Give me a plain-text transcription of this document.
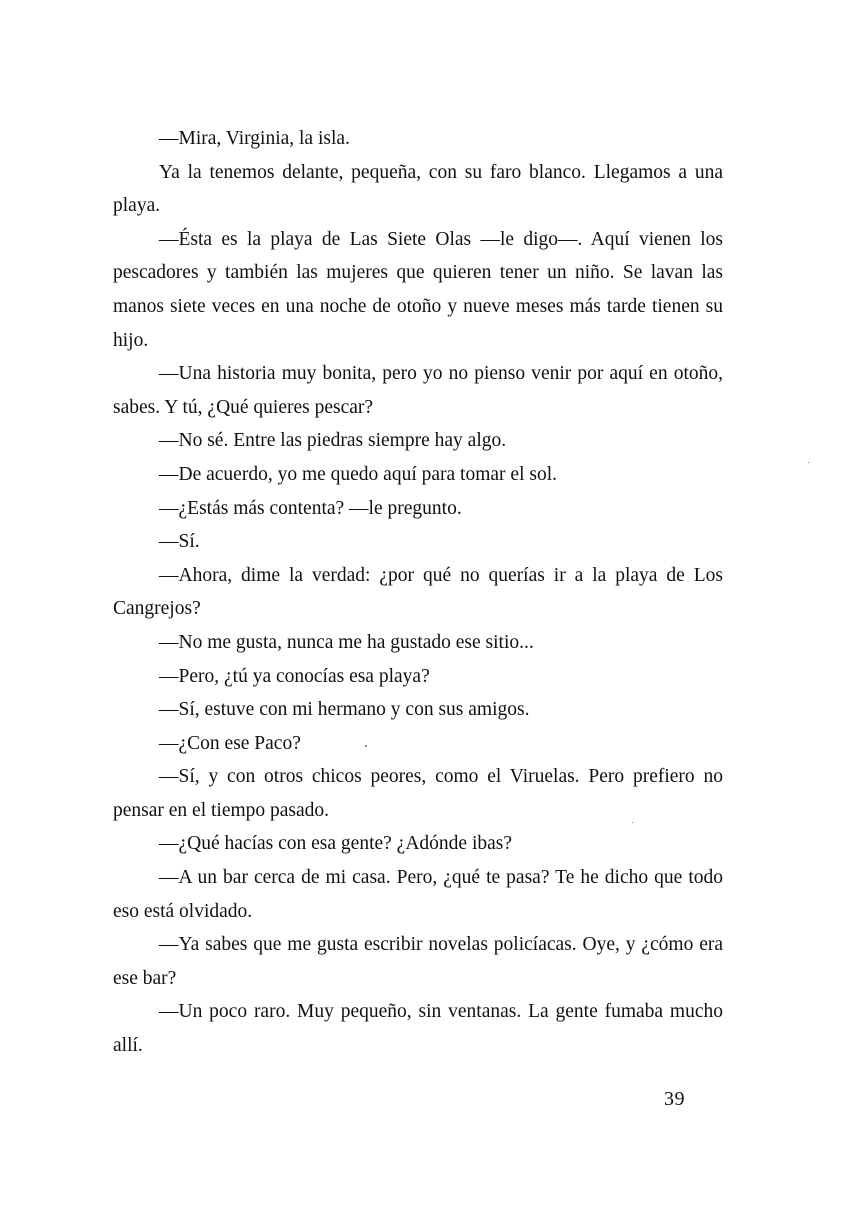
—Mira, Virginia, la isla.

Ya la tenemos delante, pequeña, con su faro blanco. Llegamos a una playa.

—Ésta es la playa de Las Siete Olas —le digo—. Aquí vienen los pescadores y también las mujeres que quieren tener un niño. Se lavan las manos siete veces en una noche de otoño y nueve meses más tarde tienen su hijo.

—Una historia muy bonita, pero yo no pienso venir por aquí en otoño, sabes. Y tú, ¿Qué quieres pescar?

—No sé. Entre las piedras siempre hay algo.

—De acuerdo, yo me quedo aquí para tomar el sol.

—¿Estás más contenta? —le pregunto.

—Sí.

—Ahora, dime la verdad: ¿por qué no querías ir a la playa de Los Cangrejos?

—No me gusta, nunca me ha gustado ese sitio...

—Pero, ¿tú ya conocías esa playa?

—Sí, estuve con mi hermano y con sus amigos.

—¿Con ese Paco?

—Sí, y con otros chicos peores, como el Viruelas. Pero prefiero no pensar en el tiempo pasado.

—¿Qué hacías con esa gente? ¿Adónde ibas?

—A un bar cerca de mi casa. Pero, ¿qué te pasa? Te he dicho que todo eso está olvidado.

—Ya sabes que me gusta escribir novelas policíacas. Oye, y ¿cómo era ese bar?

—Un poco raro. Muy pequeño, sin ventanas. La gente fumaba mucho allí.

39
